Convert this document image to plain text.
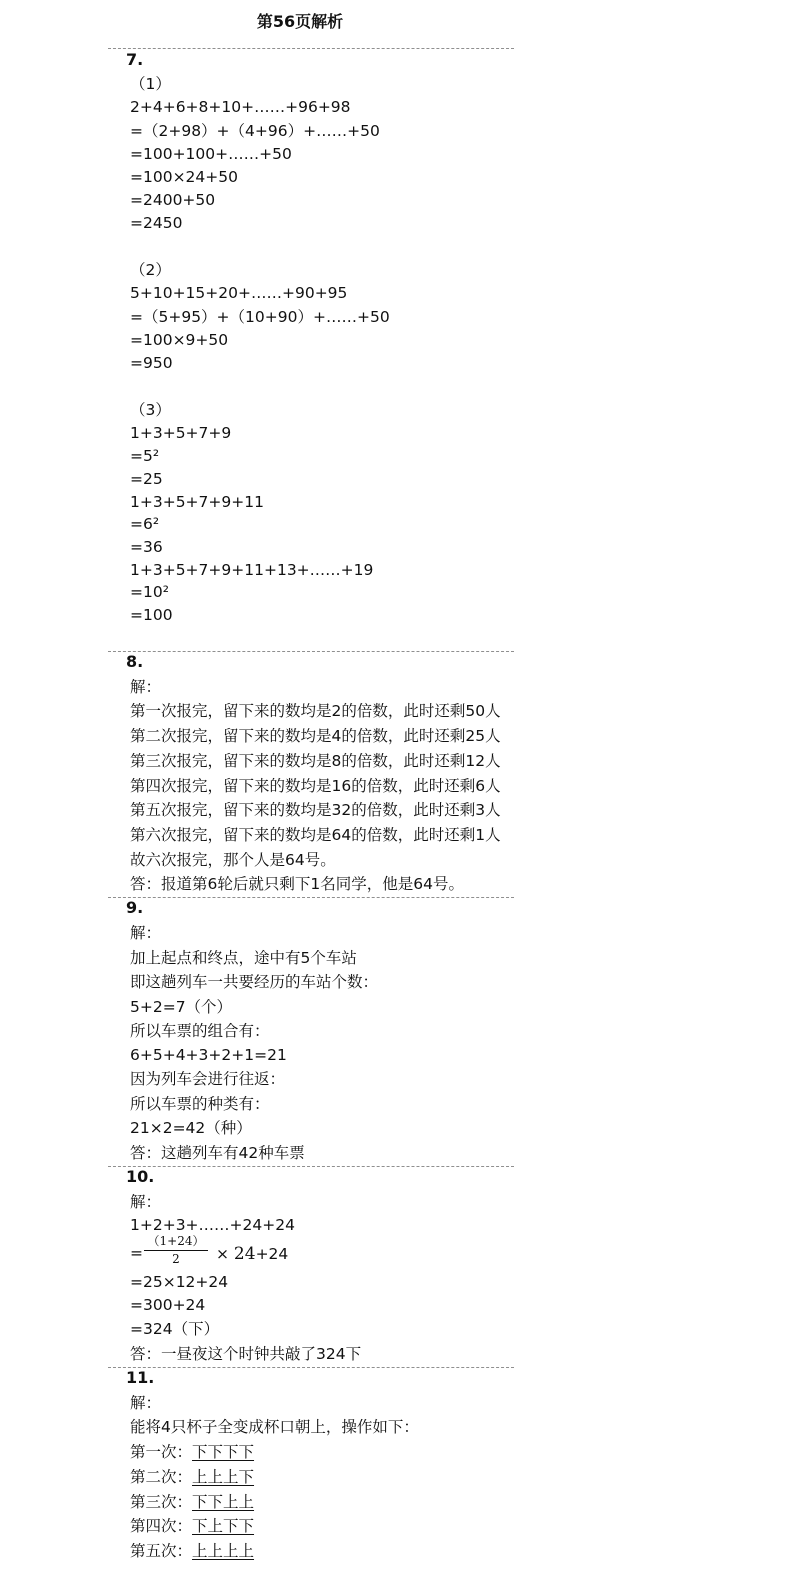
第56页解析
7.
（1）
2+4+6+8+10+……+96+98
=（2+98）+（4+96）+……+50
=100+100+……+50
=100×24+50
=2400+50
=2450
（2）
5+10+15+20+……+90+95
=（5+95）+（10+90）+……+50
=100×9+50
=950
（3）
1+3+5+7+9
=5²
=25
1+3+5+7+9+11
=6²
=36
1+3+5+7+9+11+13+……+19
=10²
=100
8.
解：
第一次报完，留下来的数均是2的倍数，此时还剩50人
第二次报完，留下来的数均是4的倍数，此时还剩25人
第三次报完，留下来的数均是8的倍数，此时还剩12人
第四次报完，留下来的数均是16的倍数，此时还剩6人
第五次报完，留下来的数均是32的倍数，此时还剩3人
第六次报完，留下来的数均是64的倍数，此时还剩1人
故六次报完，那个人是64号。
答：报道第6轮后就只剩下1名同学，他是64号。
9.
解：
加上起点和终点，途中有5个车站
即这趟列车一共要经历的车站个数：
5+2=7（个）
所以车票的组合有：
6+5+4+3+2+1=21
因为列车会进行往返：
所以车票的种类有：
21×2=42（种）
答：这趟列车有42种车票
10.
解：
1+2+3+……+24+24
= $\frac{(1+24)}{2} \times 24+24$
=25×12+24
=300+24
=324（下）
答：一昼夜这个时钟共敲了324下
11.
解：
能将4只杯子全变成杯口朝上，操作如下：
第一次：下下下下
第二次：上上上下
第三次：下下上上
第四次：下上下下
第五次：上上上上
